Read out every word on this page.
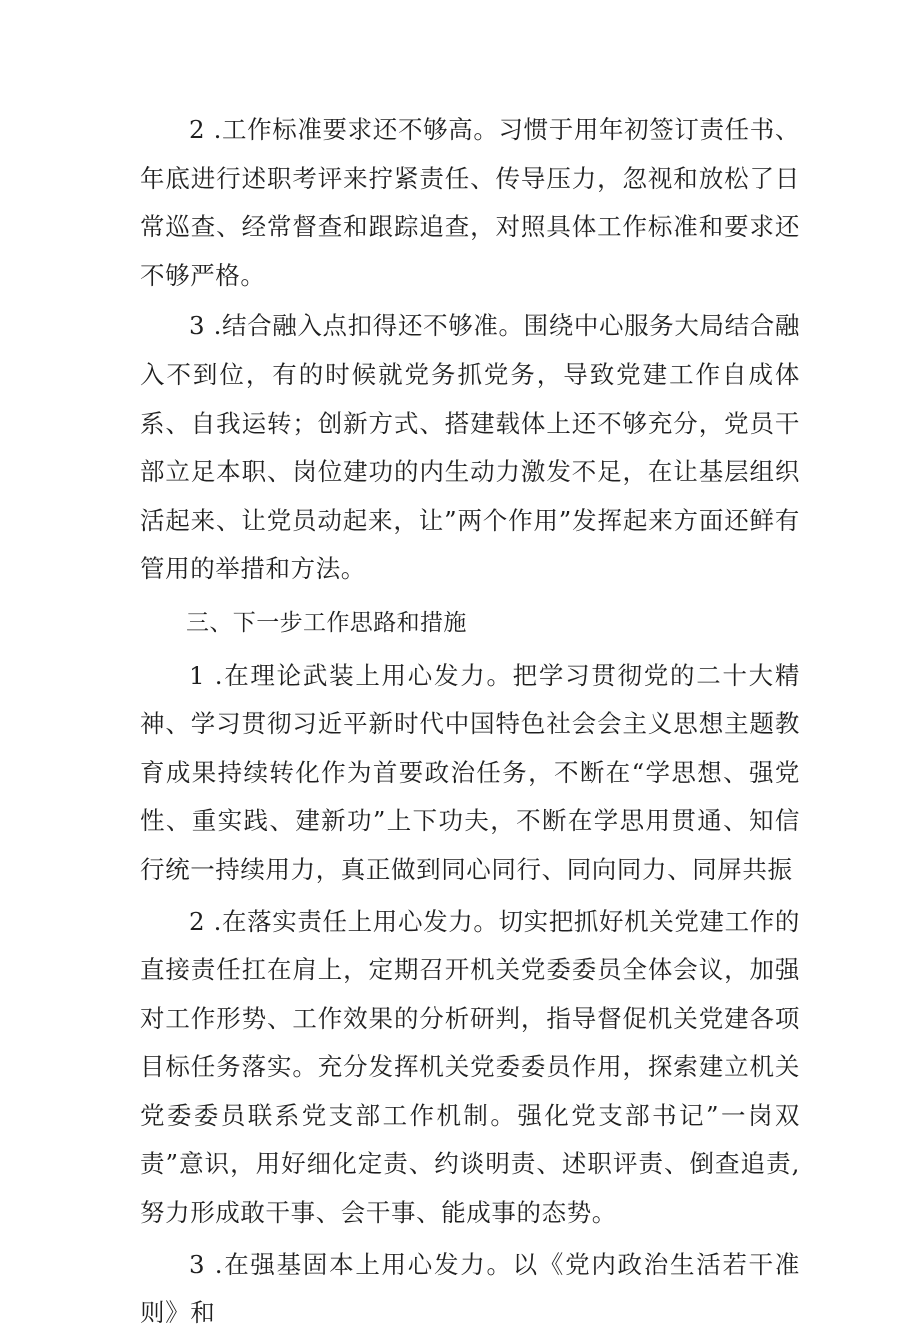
2 .工作标准要求还不够高。习惯于用年初签订责任书、年底进行述职考评来拧紧责任、传导压力，忽视和放松了日常巡查、经常督查和跟踪追查，对照具体工作标准和要求还不够严格。

3 .结合融入点扣得还不够准。围绕中心服务大局结合融入不到位，有的时候就党务抓党务，导致党建工作自成体系、自我运转；创新方式、搭建载体上还不够充分，党员干部立足本职、岗位建功的内生动力激发不足，在让基层组织活起来、让党员动起来，让”两个作用”发挥起来方面还鲜有管用的举措和方法。

三、下一步工作思路和措施

1 .在理论武装上用心发力。把学习贯彻党的二十大精神、学习贯彻习近平新时代中国特色社会会主义思想主题教育成果持续转化作为首要政治任务，不断在“学思想、强党性、重实践、建新功”上下功夫，不断在学思用贯通、知信行统一持续用力，真正做到同心同行、同向同力、同屏共振

2 .在落实责任上用心发力。切实把抓好机关党建工作的直接责任扛在肩上，定期召开机关党委委员全体会议，加强对工作形势、工作效果的分析研判，指导督促机关党建各项目标任务落实。充分发挥机关党委委员作用，探索建立机关党委委员联系党支部工作机制。强化党支部书记”一岗双责”意识，用好细化定责、约谈明责、述职评责、倒查追责,努力形成敢干事、会干事、能成事的态势。

3 .在强基固本上用心发力。以《党内政治生活若干准则》和
